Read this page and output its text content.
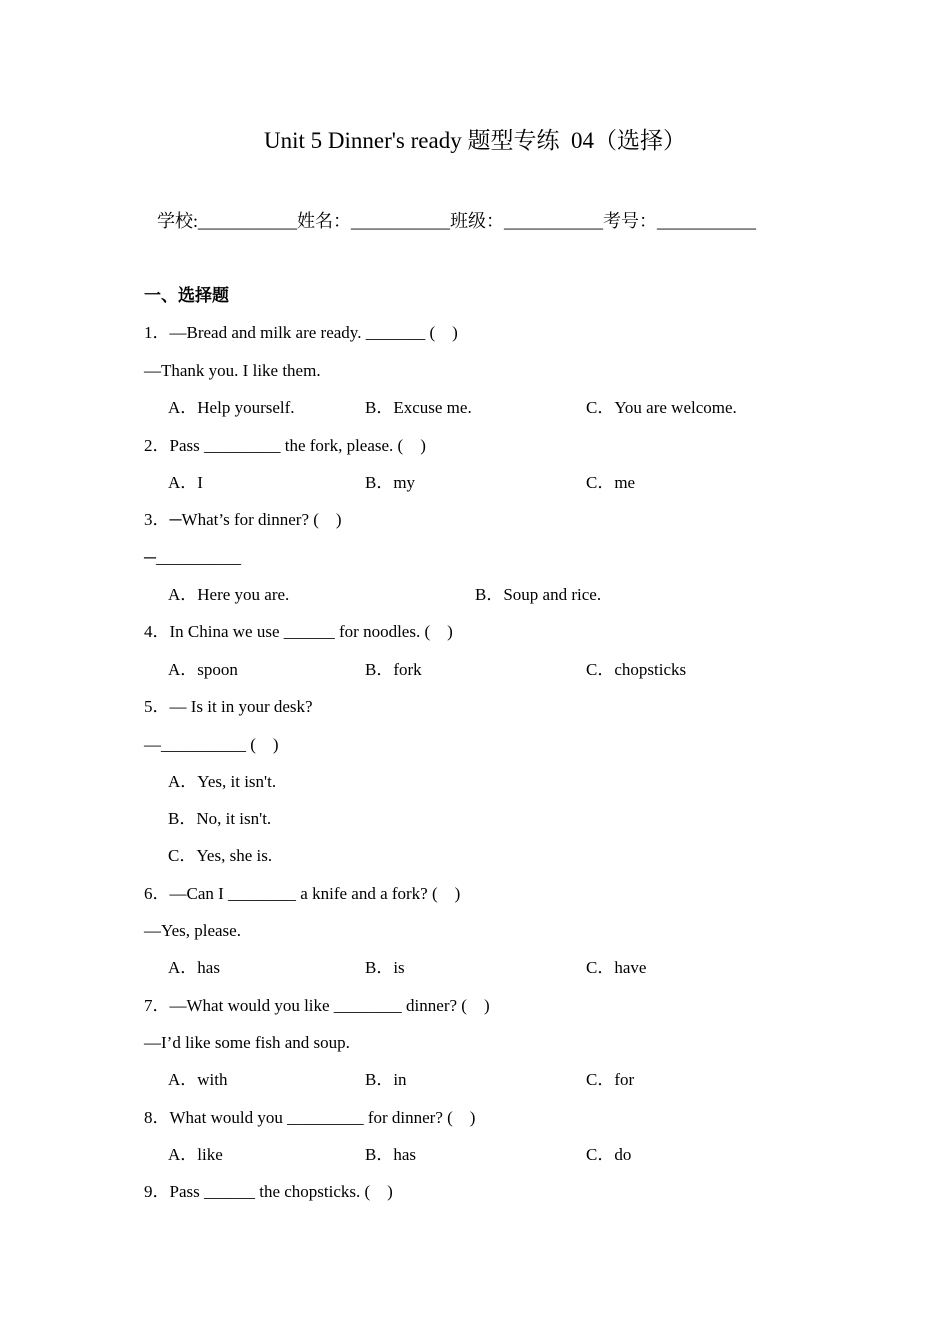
Unit 5 Dinner's ready 题型专练  04（选择）
学校:___________姓名：___________班级：___________考号：___________
一、选择题
1．—Bread and milk are ready. _______ (    )
—Thank you. I like them.
A．Help yourself.	B．Excuse me.	C．You are welcome.
2．Pass _________ the fork, please. (    )
A．I	B．my	C．me
3．─What’s for dinner? (    )
─__________
A．Here you are.	B．Soup and rice.
4．In China we use ______ for noodles. (    )
A．spoon	B．fork	C．chopsticks
5．— Is it in your desk?
—__________ (    )
A．Yes, it isn't.
B．No, it isn't.
C．Yes, she is.
6．—Can I ________ a knife and a fork? (    )
—Yes, please.
A．has	B．is	C．have
7．—What would you like ________ dinner? (    )
—I’d like some fish and soup.
A．with	B．in	C．for
8．What would you _________ for dinner? (    )
A．like	B．has	C．do
9．Pass ______ the chopsticks. (    )
